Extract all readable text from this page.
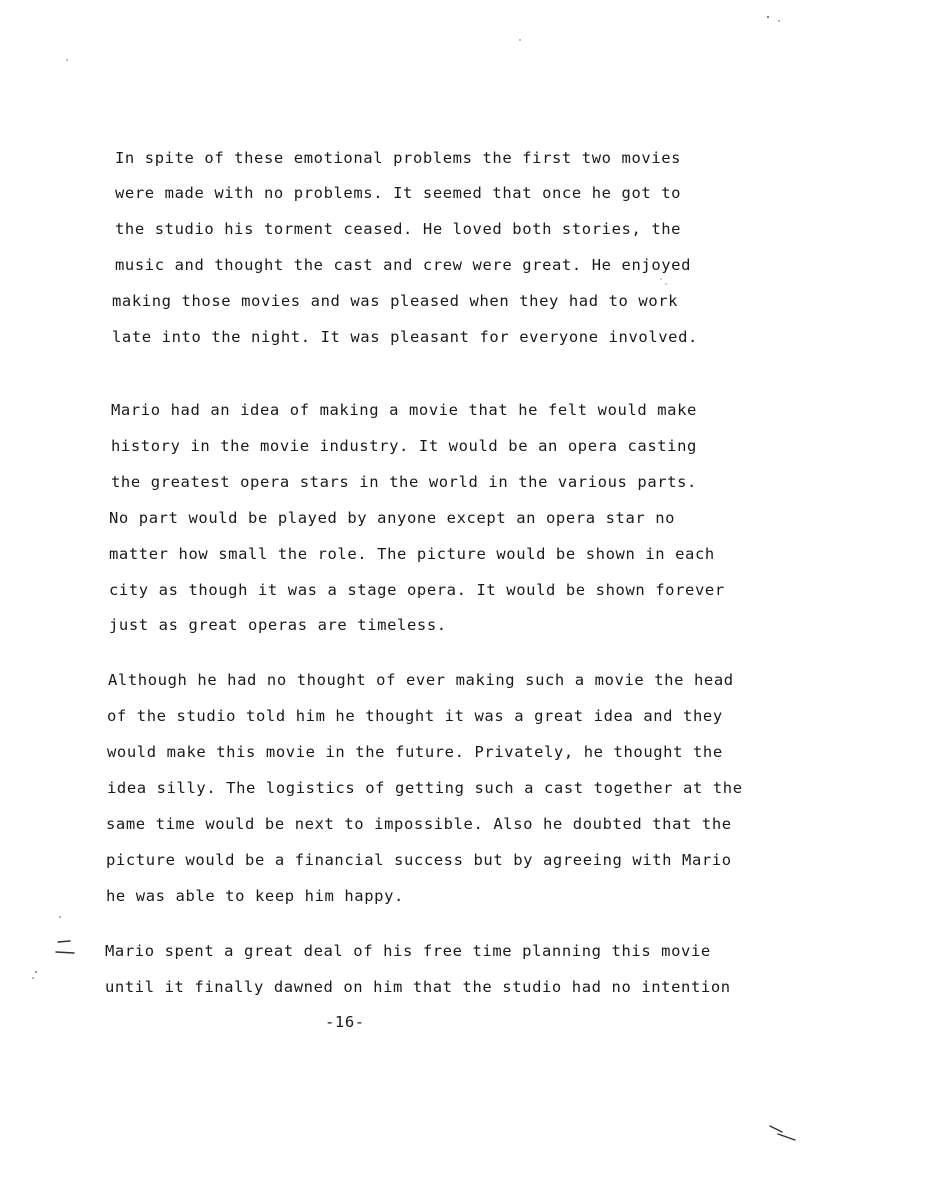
In spite of these emotional problems the first two movies
were made with no problems. It seemed that once he got to
the studio his torment ceased. He loved both stories, the
music and thought the cast and crew were great. He enjoyed
making those movies and was pleased when they had to work
late into the night. It was pleasant for everyone involved.
Mario had an idea of making a movie that he felt would make
history in the movie industry. It would be an opera casting
the greatest opera stars in the world in the various parts.
No part would be played by anyone except an opera star no
matter how small the role. The picture would be shown in each
city as though it was a stage opera. It would be shown forever
just as great operas are timeless.
Although he had no thought of ever making such a movie the head
of the studio told him he thought it was a great idea and they
would make this movie in the future. Privately, he thought the
idea silly. The logistics of getting such a cast together at the
same time would be next to impossible. Also he doubted that the
picture would be a financial success but by agreeing with Mario
he was able to keep him happy.
Mario spent a great deal of his free time planning this movie
until it finally dawned on him that the studio had no intention
-16-
